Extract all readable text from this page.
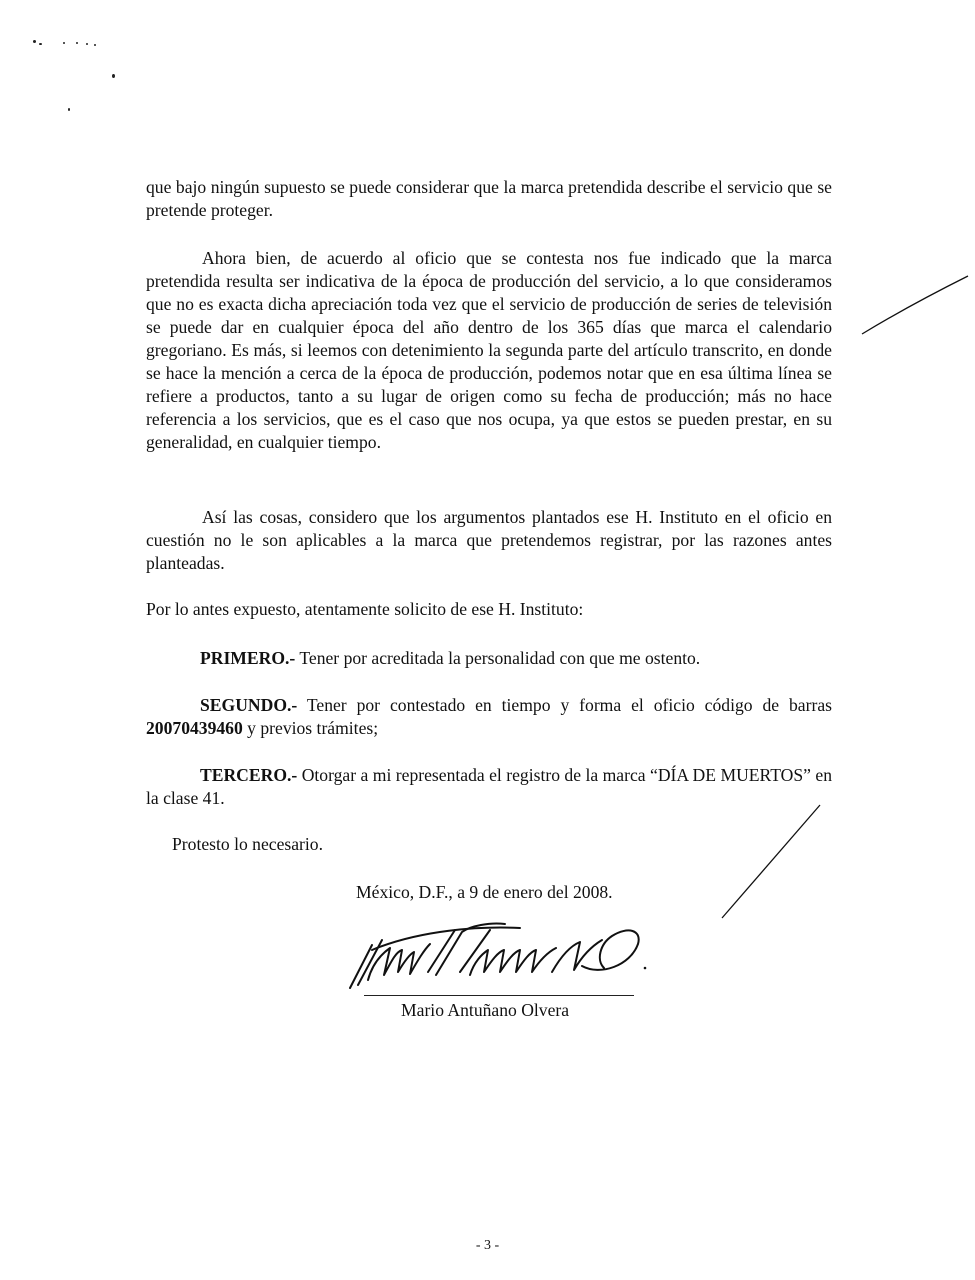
que bajo ningún supuesto se puede considerar que la marca pretendida describe el servicio que se pretende proteger.

Ahora bien, de acuerdo al oficio que se contesta nos fue indicado que la marca pretendida resulta ser indicativa de la época de producción del servicio, a lo que consideramos que no es exacta dicha apreciación toda vez que el servicio de producción de series de televisión se puede dar en cualquier época del año dentro de los 365 días que marca el calendario gregoriano. Es más, si leemos con detenimiento la segunda parte del artículo transcrito, en donde se hace la mención a cerca de la época de producción, podemos notar que en esa última línea se refiere a productos, tanto a su lugar de origen como su fecha de producción; más no hace referencia a los servicios, que es el caso que nos ocupa, ya que estos se pueden prestar, en su generalidad, en cualquier tiempo.

Así las cosas, considero que los argumentos plantados ese H. Instituto en el oficio en cuestión no le son aplicables a la marca que pretendemos registrar, por las razones antes planteadas.

Por lo antes expuesto, atentamente solicito de ese H. Instituto:

PRIMERO.- Tener por acreditada la personalidad con que me ostento.

SEGUNDO.- Tener por contestado en tiempo y forma el oficio código de barras 20070439460 y previos trámites;

TERCERO.- Otorgar a mi representada el registro de la marca “DÍA DE MUERTOS” en la clase 41.

Protesto lo necesario.
México, D.F., a 9 de enero del 2008.
Mario Antuñano Olvera
- 3 -
